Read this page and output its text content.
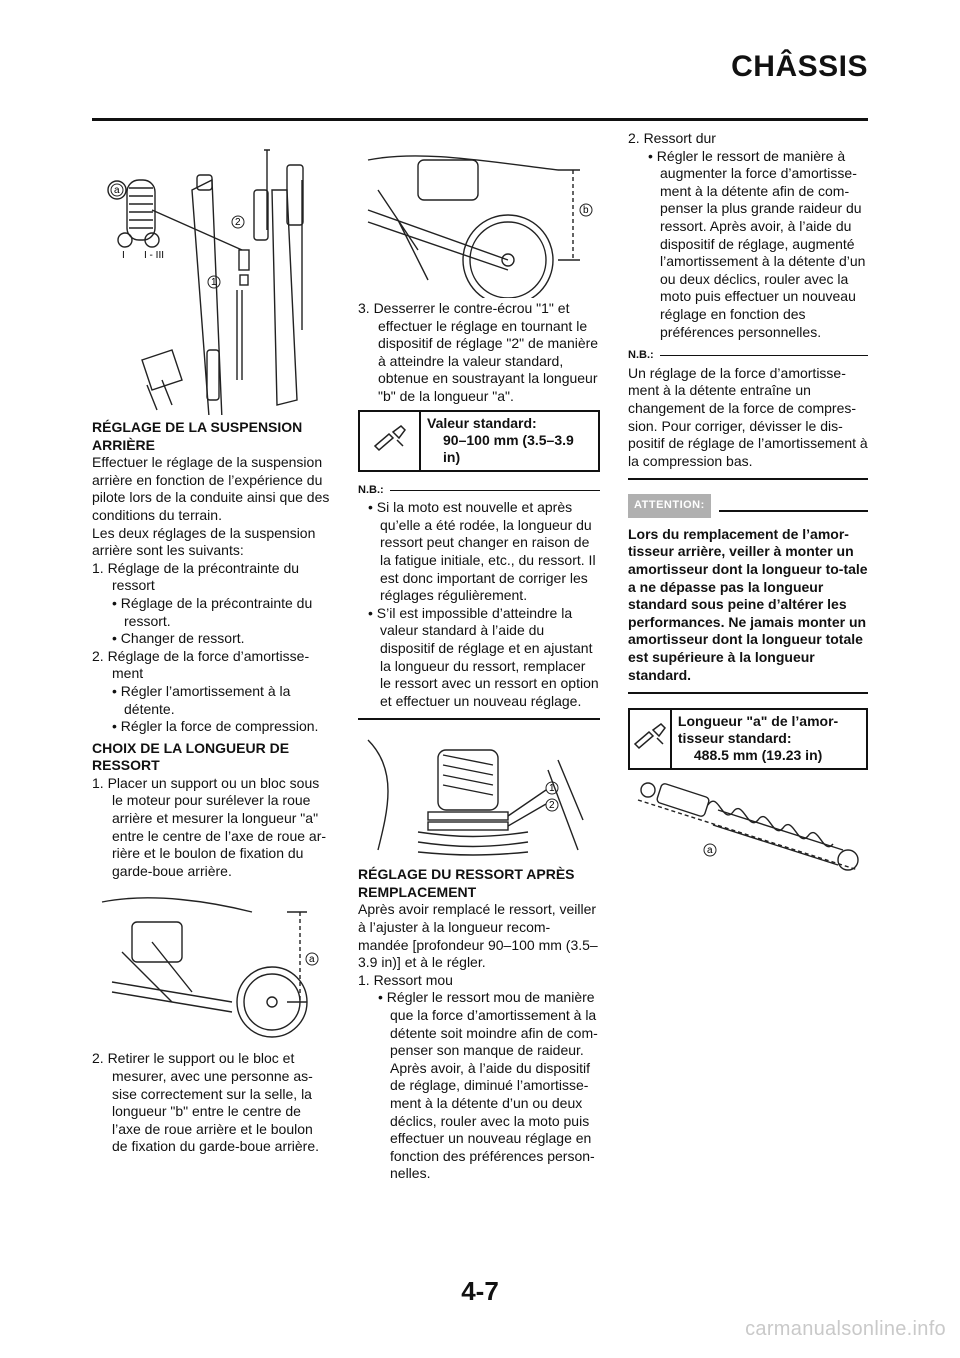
CHÂSSIS
a
2
1
I I - III

RÉGLAGE DE LA SUSPENSION ARRIÈRE

Effectuer le réglage de la suspension arrière en fonction de l’expérience du pilote lors de la conduite ainsi que des conditions du terrain.

Les deux réglages de la suspension arrière sont les suivants:

1. Réglage de la précontrainte du ressort

• Réglage de la précontrainte du ressort.

• Changer de ressort.

2. Réglage de la force d’amortisse-ment

• Régler l’amortissement à la détente.

• Régler la force de compression.

CHOIX DE LA LONGUEUR DE RESSORT

1. Placer un support ou un bloc sous le moteur pour surélever la roue arrière et mesurer la longueur "a" entre le centre de l’axe de roue ar-rière et le boulon de fixation du garde-boue arrière.

a

2. Retirer le support ou le bloc et mesurer, avec une personne as-sise correctement sur la selle, la longueur "b" entre le centre de l’axe de roue arrière et le boulon de fixation du garde-boue arrière.

b

3. Desserrer le contre-écrou "1" et effectuer le réglage en tournant le dispositif de réglage "2" de manière à atteindre la valeur standard, obtenue en soustrayant la longueur "b" de la longueur "a".

Valeur standard:
90–100 mm (3.5–3.9 in)

N.B.:

• Si la moto est nouvelle et après qu’elle a été rodée, la longueur du ressort peut changer en raison de la fatigue initiale, etc., du ressort. Il est donc important de corriger les réglages régulièrement.

• S’il est impossible d’atteindre la valeur standard à l’aide du dispositif de réglage et en ajustant la longueur du ressort, remplacer le ressort avec un ressort en option et effectuer un nouveau réglage.

1
2

RÉGLAGE DU RESSORT APRÈS REMPLACEMENT

Après avoir remplacé le ressort, veiller à l’ajuster à la longueur recom-mandée [profondeur 90–100 mm (3.5–3.9 in)] et à le régler.

1. Ressort mou

• Régler le ressort mou de manière que la force d’amortissement à la détente soit moindre afin de com-penser son manque de raideur. Après avoir, à l’aide du dispositif de réglage, diminué l’amortisse-ment à la détente d’un ou deux déclics, rouler avec la moto puis effectuer un nouveau réglage en fonction des préférences person-nelles.

2. Ressort dur

• Régler le ressort de manière à augmenter la force d’amortisse-ment à la détente afin de com-penser la plus grande raideur du ressort. Après avoir, à l’aide du dispositif de réglage, augmenté l’amortissement à la détente d’un ou deux déclics, rouler avec la moto puis effectuer un nouveau réglage en fonction des préférences personnelles.

N.B.:

Un réglage de la force d’amortisse-ment à la détente entraîne un changement de la force de compres-sion. Pour corriger, dévisser le dis-positif de réglage de l’amortissement à la compression bas.

ATTENTION:

Lors du remplacement de l’amor-tisseur arrière, veiller à monter un amortisseur dont la longueur to-tale a ne dépasse pas la longueur standard sous peine d’altérer les performances. Ne jamais monter un amortisseur dont la longueur totale est supérieure à la longueur standard.

Longueur "a" de l’amor-tisseur standard:
488.5 mm (19.23 in)
a
4-7
carmanualsonline.info
